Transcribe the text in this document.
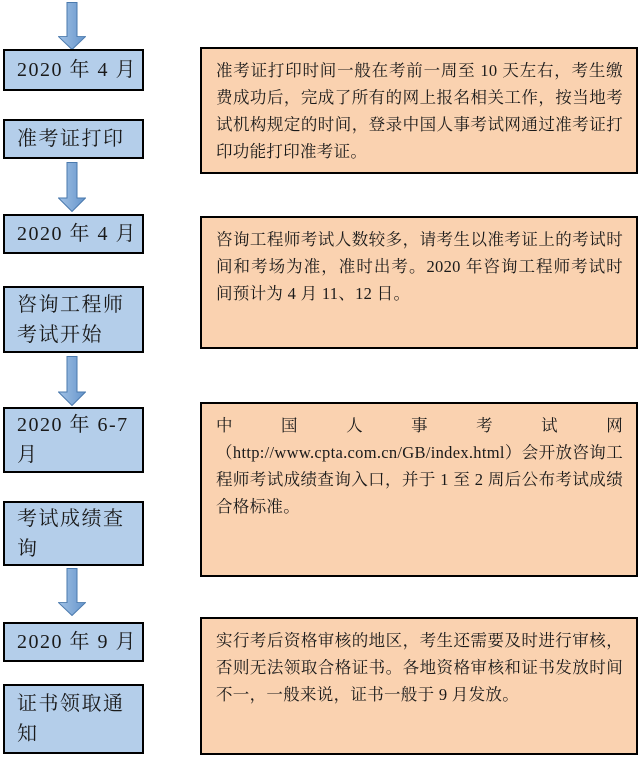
2020 年 4 月
准考证打印
准考证打印时间一般在考前一周至 10 天左右，考生缴费成功后，完成了所有的网上报名相关工作，按当地考试机构规定的时间，登录中国人事考试网通过准考证打印功能打印准考证。
2020 年 4 月
咨询工程师考试开始
咨询工程师考试人数较多，请考生以准考证上的考试时间和考场为准，准时出考。2020 年咨询工程师考试时间预计为 4 月 11、12 日。
2020 年 6-7 月
考试成绩查询
中国人事考试网（http://www.cpta.com.cn/GB/index.html）会开放咨询工程师考试成绩查询入口，并于 1 至 2 周后公布考试成绩合格标准。
2020 年 9 月
证书领取通知
实行考后资格审核的地区，考生还需要及时进行审核，否则无法领取合格证书。各地资格审核和证书发放时间不一，一般来说，证书一般于 9 月发放。
